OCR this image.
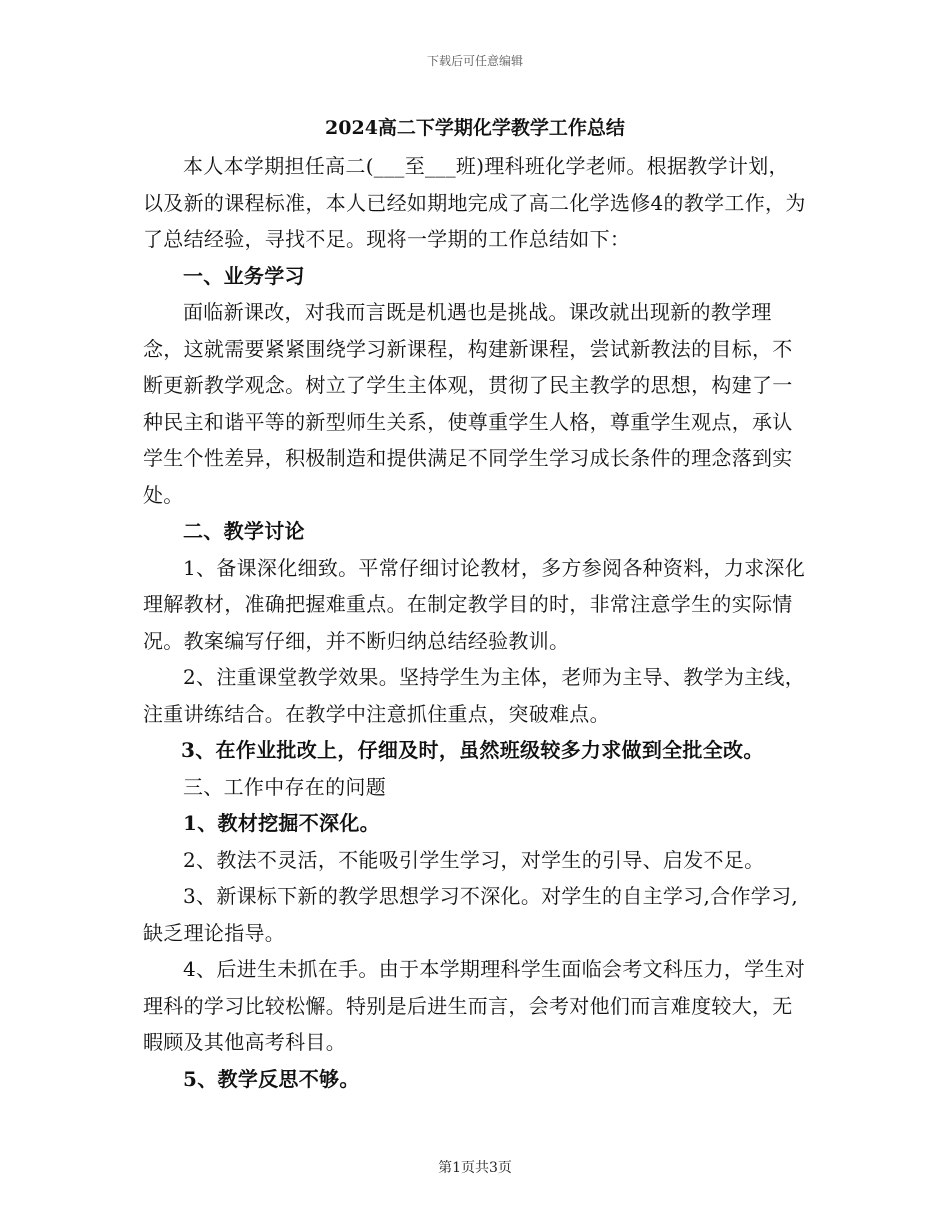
下载后可任意编辑
2024高二下学期化学教学工作总结

本人本学期担任高二(___至___班)理科班化学老师。根据教学计划，以及新的课程标准，本人已经如期地完成了高二化学选修4的教学工作，为了总结经验，寻找不足。现将一学期的工作总结如下：

一、业务学习

面临新课改，对我而言既是机遇也是挑战。课改就出现新的教学理念，这就需要紧紧围绕学习新课程，构建新课程，尝试新教法的目标，不断更新教学观念。树立了学生主体观，贯彻了民主教学的思想，构建了一种民主和谐平等的新型师生关系，使尊重学生人格，尊重学生观点，承认学生个性差异，积极制造和提供满足不同学生学习成长条件的理念落到实处。

二、教学讨论

1、备课深化细致。平常仔细讨论教材，多方参阅各种资料，力求深化理解教材，准确把握难重点。在制定教学目的时，非常注意学生的实际情况。教案编写仔细，并不断归纳总结经验教训。

2、注重课堂教学效果。坚持学生为主体，老师为主导、教学为主线，注重讲练结合。在教学中注意抓住重点，突破难点。

3、在作业批改上，仔细及时，虽然班级较多力求做到全批全改。

三、工作中存在的问题

1、教材挖掘不深化。

2、教法不灵活，不能吸引学生学习，对学生的引导、启发不足。

3、新课标下新的教学思想学习不深化。对学生的自主学习,合作学习,缺乏理论指导。

4、后进生未抓在手。由于本学期理科学生面临会考文科压力，学生对理科的学习比较松懈。特别是后进生而言，会考对他们而言难度较大，无暇顾及其他高考科目。

5、教学反思不够。

第1页共3页
